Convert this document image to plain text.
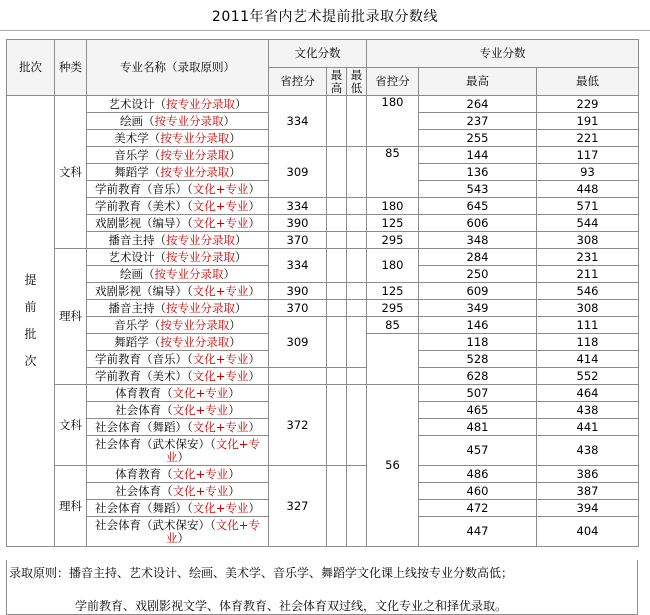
2011年省内艺术提前批录取分数线
批次	种类	专业名称（录取原则）	文化分数			专业分数		
			省控分	最高	最低	省控分	最高	最低

提
前
批
次	文科	艺术设计（按专业分录取）	334			180	264	229
		绘画（按专业分录取）					237	191
		美术学（按专业分录取）					255	221
		音乐学（按专业分录取）	309			85	144	117
		舞蹈学（按专业分录取）					136	93
		学前教育（音乐）（文化+专业）					543	448
		学前教育（美术）（文化+专业）	334			180	645	571
		戏剧影视（编导）（文化+专业）	390			125	606	544
		播音主持（按专业分录取）	370			295	348	308
	理科	艺术设计（按专业分录取）	334			180	284	231
		绘画（按专业分录取）					250	211
		戏剧影视（编导）（文化+专业）	390			125	609	546
		播音主持（按专业分录取）	370			295	349	308
		音乐学（按专业分录取）	309			85	146	111
		舞蹈学（按专业分录取）					118	118
		学前教育（音乐）（文化+专业）					528	414
		学前教育（美术）（文化+专业）					628	552
	文科	体育教育（文化+专业）	372			56	507	464
		社会体育（文化+专业）					465	438
		社会体育（舞蹈）（文化+专业）					481	441
		社会体育（武术保安）（文化+专业）					457	438
	理科	体育教育（文化+专业）	327				486	386
		社会体育（文化+专业）					460	387
		社会体育（舞蹈）（文化+专业）					472	394
		社会体育（武术保安）（文化+专业）					447	404
录取原则：播音主持、艺术设计、绘画、美术学、音乐学、舞蹈学文化课上线按专业分数高低；
学前教育、戏剧影视文学、体育教育、社会体育双过线，文化专业之和择优录取。
